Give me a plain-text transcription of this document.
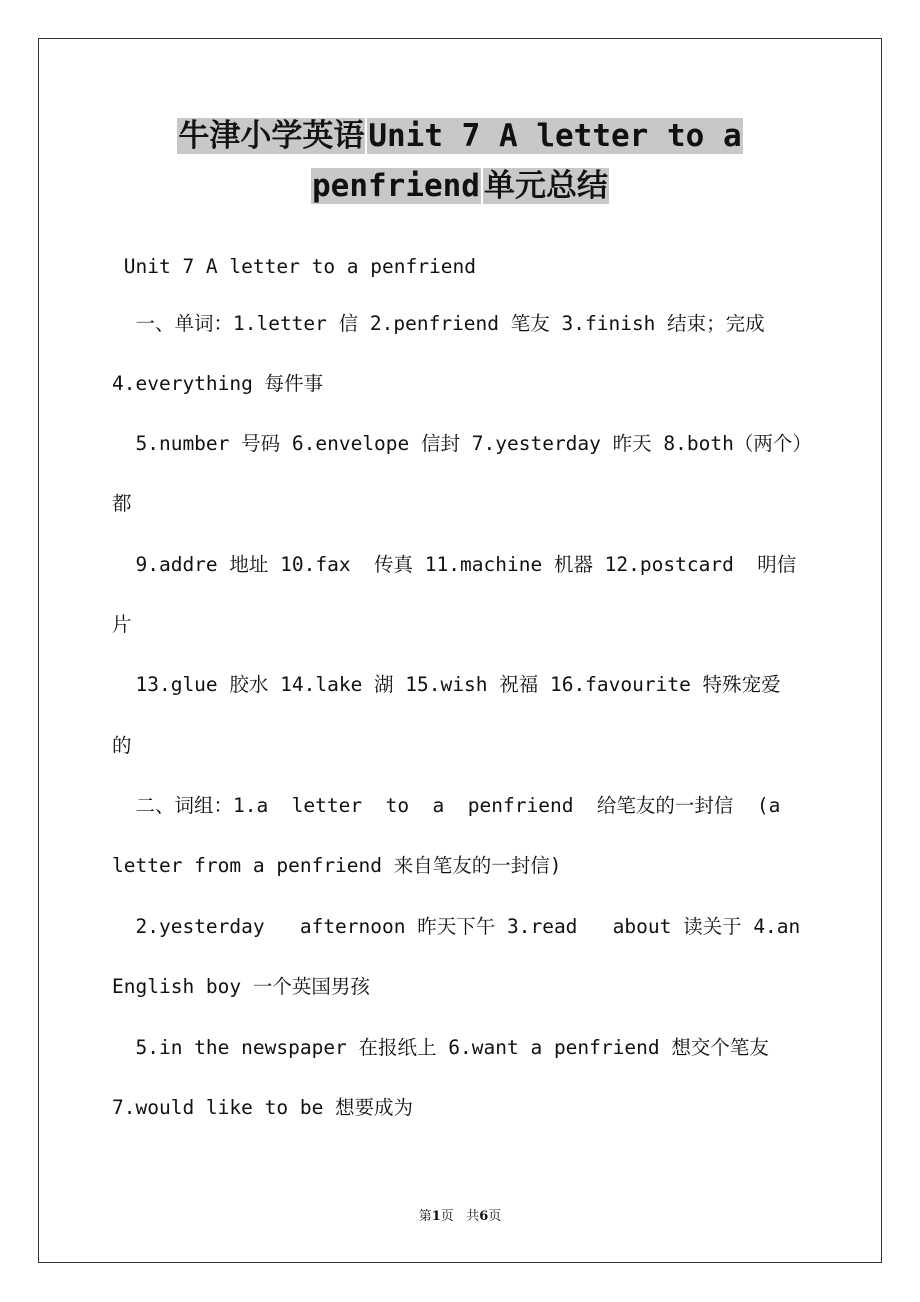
牛津小学英语 Unit 7 A letter to a
penfriend 单元总结
Unit 7 A letter to a penfriend
一、单词：1.letter 信 2.penfriend 笔友 3.finish 结束；完成
4.everything 每件事
5.number 号码 6.envelope 信封 7.yesterday 昨天 8.both（两个）
都
9.addre 地址 10.fax  传真 11.machine 机器 12.postcard  明信
片
13.glue 胶水 14.lake 湖 15.wish 祝福 16.favourite 特殊宠爱
的
二、词组：1.a  letter  to  a  penfriend  给笔友的一封信  (a
letter from a penfriend 来自笔友的一封信)
2.yesterday   afternoon 昨天下午 3.read   about 读关于 4.an
English boy 一个英国男孩
5.in the newspaper 在报纸上 6.want a penfriend 想交个笔友
7.would like to be 想要成为
第1页   共6页
